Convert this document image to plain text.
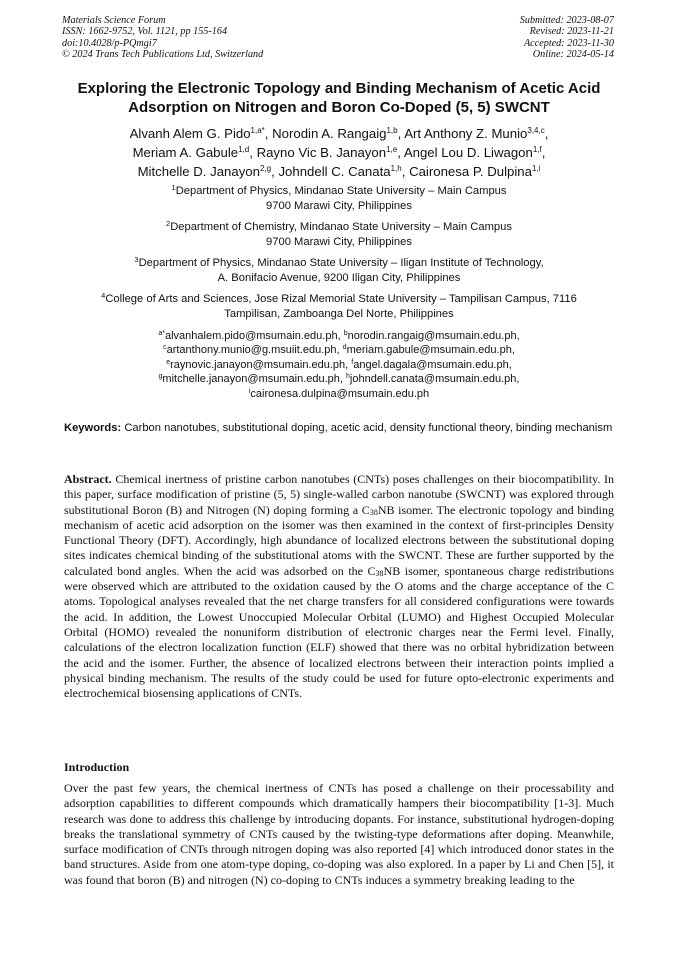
Materials Science Forum
ISSN: 1662-9752, Vol. 1121, pp 155-164
doi:10.4028/p-PQmgi7
© 2024 Trans Tech Publications Ltd, Switzerland
Submitted: 2023-08-07
Revised: 2023-11-21
Accepted: 2023-11-30
Online: 2024-05-14
Exploring the Electronic Topology and Binding Mechanism of Acetic Acid Adsorption on Nitrogen and Boron Co-Doped (5, 5) SWCNT
Alvanh Alem G. Pido$^{1,a*}$, Norodin A. Rangaig$^{1,b}$, Art Anthony Z. Munio$^{3,4,c}$,
Meriam A. Gabule$^{1,d}$, Rayno Vic B. Janayon$^{1,e}$, Angel Lou D. Liwagon$^{1,f}$,
Mitchelle D. Janayon$^{2,g}$, Johndell C. Canata$^{1,h}$, Caironesa P. Dulpina$^{1,i}$
$^1$Department of Physics, Mindanao State University – Main Campus
9700 Marawi City, Philippines
$^2$Department of Chemistry, Mindanao State University – Main Campus
9700 Marawi City, Philippines
$^3$Department of Physics, Mindanao State University – Iligan Institute of Technology,
A. Bonifacio Avenue, 9200 Iligan City, Philippines
$^4$College of Arts and Sciences, Jose Rizal Memorial State University – Tampilisan Campus, 7116
Tampilisan, Zamboanga Del Norte, Philippines
$^{a*}$alvanhalem.pido@msumain.edu.ph, $^b$norodin.rangaig@msumain.edu.ph,
$^c$artanthony.munio@g.msuiit.edu.ph, $^d$meriam.gabule@msumain.edu.ph,
$^e$raynovic.janayon@msumain.edu.ph, $^f$angel.dagala@msumain.edu.ph,
$^g$mitchelle.janayon@msumain.edu.ph, $^h$johndell.canata@msumain.edu.ph,
$^i$caironesa.dulpina@msumain.edu.ph
Keywords: Carbon nanotubes, substitutional doping, acetic acid, density functional theory, binding mechanism
Abstract. Chemical inertness of pristine carbon nanotubes (CNTs) poses challenges on their biocompatibility. In this paper, surface modification of pristine (5, 5) single-walled carbon nanotube (SWCNT) was explored through substitutional Boron (B) and Nitrogen (N) doping forming a $C_{38}NB$ isomer. The electronic topology and binding mechanism of acetic acid adsorption on the isomer was then examined in the context of first-principles Density Functional Theory (DFT). Accordingly, high abundance of localized electrons between the substitutional doping sites indicates chemical binding of the substitutional atoms with the SWCNT. These are further supported by the calculated bond angles. When the acid was adsorbed on the $C_{38}NB$ isomer, spontaneous charge redistributions were observed which are attributed to the oxidation caused by the O atoms and the charge acceptance of the C atoms. Topological analyses revealed that the net charge transfers for all considered configurations were towards the acid. In addition, the Lowest Unoccupied Molecular Orbital (LUMO) and Highest Occupied Molecular Orbital (HOMO) revealed the nonuniform distribution of electronic charges near the Fermi level. Finally, calculations of the electron localization function (ELF) showed that there was no orbital hybridization between the acid and the isomer. Further, the absence of localized electrons between their interaction points implied a physical binding mechanism. The results of the study could be used for future opto-electronic experiments and electrochemical biosensing applications of CNTs.
Introduction
Over the past few years, the chemical inertness of CNTs has posed a challenge on their processability and adsorption capabilities to different compounds which dramatically hampers their biocompatibility [1-3]. Much research was done to address this challenge by introducing dopants. For instance, substitutional hydrogen-doping breaks the translational symmetry of CNTs caused by the twisting-type deformations after doping. Meanwhile, surface modification of CNTs through nitrogen doping was also reported [4] which introduced donor states in the band structures. Aside from one atom-type doping, co-doping was also explored. In a paper by Li and Chen [5], it was found that boron (B) and nitrogen (N) co-doping to CNTs induces a symmetry breaking leading to the
